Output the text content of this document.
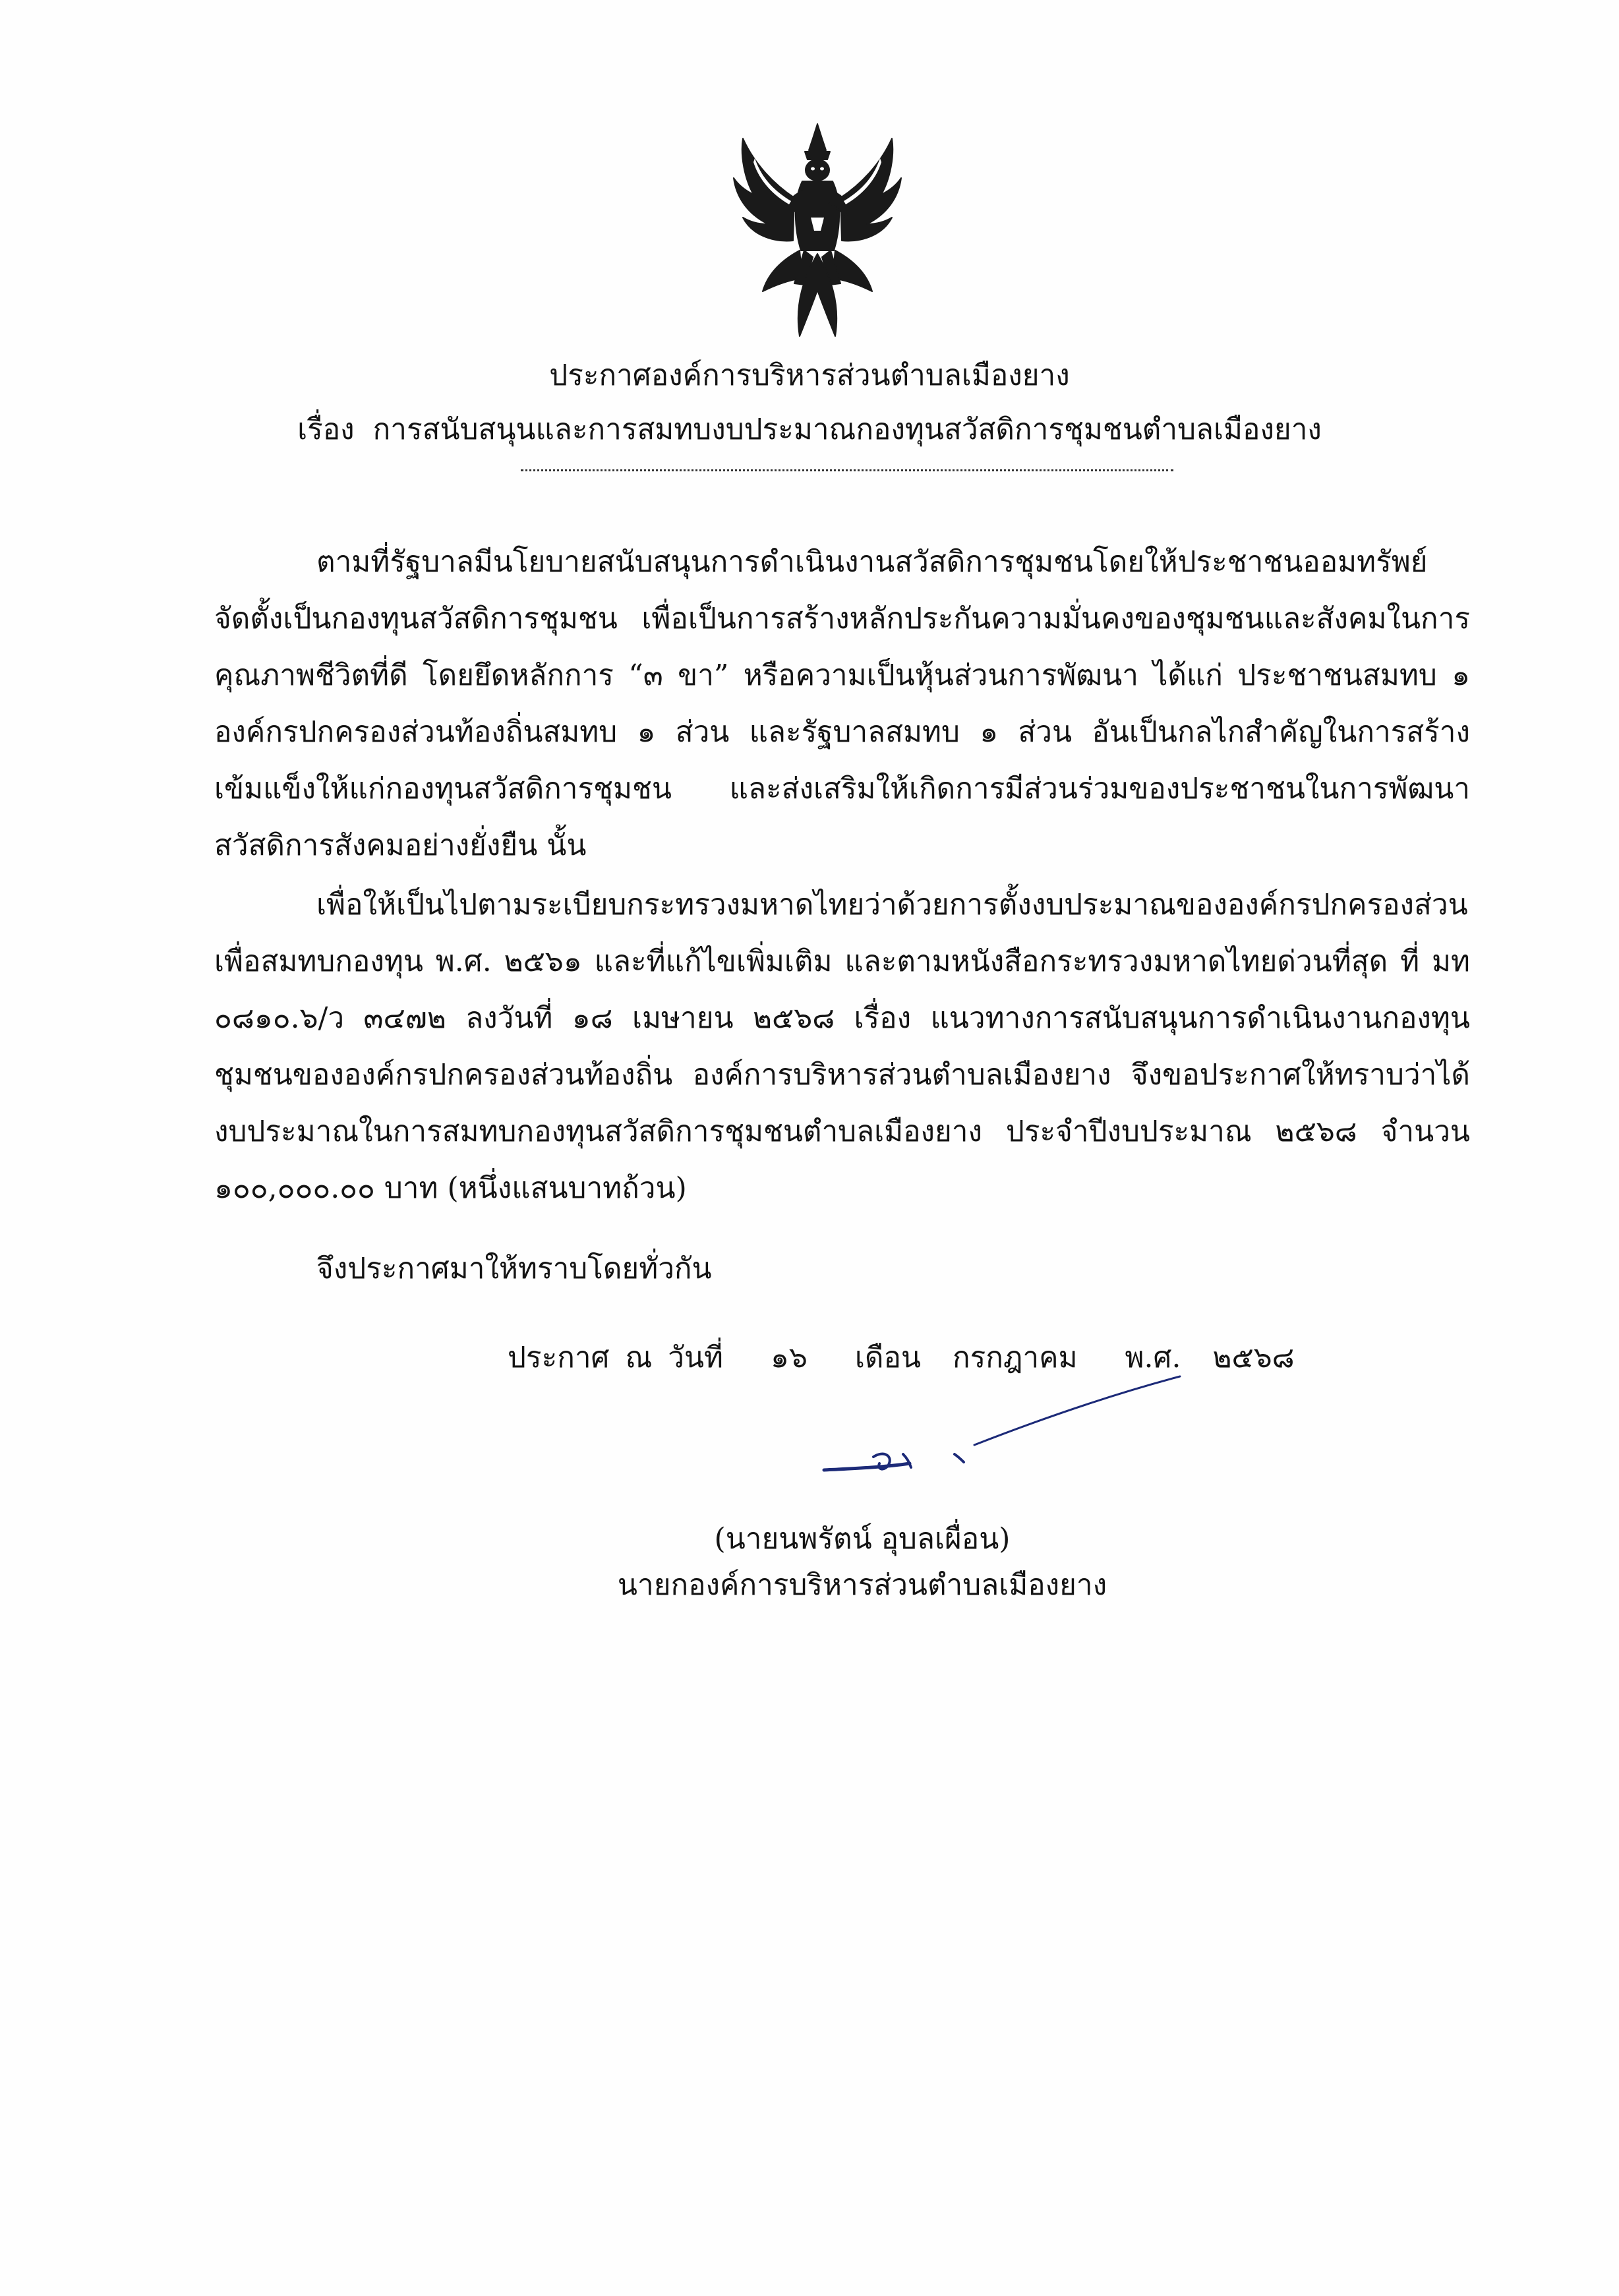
ประกาศองค์การบริหารส่วนตำบลเมืองยาง
เรื่อง การสนับสนุนและการสมทบงบประมาณกองทุนสวัสดิการชุมชนตำบลเมืองยาง
ตามที่รัฐบาลมีนโยบายสนับสนุนการดำเนินงานสวัสดิการชุมชนโดยให้ประชาชนออมทรัพย์
จัดตั้งเป็นกองทุนสวัสดิการชุมชน เพื่อเป็นการสร้างหลักประกันความมั่นคงของชุมชนและสังคมในการ
คุณภาพชีวิตที่ดี โดยยึดหลักการ “๓ ขา” หรือความเป็นหุ้นส่วนการพัฒนา ได้แก่ ประชาชนสมทบ ๑
องค์กรปกครองส่วนท้องถิ่นสมทบ ๑ ส่วน และรัฐบาลสมทบ ๑ ส่วน อันเป็นกลไกสำคัญในการสร้าง
เข้มแข็งให้แก่กองทุนสวัสดิการชุมชน และส่งเสริมให้เกิดการมีส่วนร่วมของประชาชนในการพัฒนา
สวัสดิการสังคมอย่างยั่งยืน นั้น
เพื่อให้เป็นไปตามระเบียบกระทรวงมหาดไทยว่าด้วยการตั้งงบประมาณขององค์กรปกครองส่วน
เพื่อสมทบกองทุน พ.ศ. ๒๕๖๑ และที่แก้ไขเพิ่มเติม และตามหนังสือกระทรวงมหาดไทยด่วนที่สุด ที่ มท
๐๘๑๐.๖/ว ๓๔๗๒ ลงวันที่ ๑๘ เมษายน ๒๕๖๘ เรื่อง แนวทางการสนับสนุนการดำเนินงานกองทุน
ชุมชนขององค์กรปกครองส่วนท้องถิ่น องค์การบริหารส่วนตำบลเมืองยาง จึงขอประกาศให้ทราบว่าได้
งบประมาณในการสมทบกองทุนสวัสดิการชุมชนตำบลเมืองยาง ประจำปีงบประมาณ ๒๕๖๘ จำนวน
๑๐๐,๐๐๐.๐๐ บาท (หนึ่งแสนบาทถ้วน)
จึงประกาศมาให้ทราบโดยทั่วกัน
ประกาศ ณ วันที่ ๑๖ เดือน กรกฎาคม พ.ศ. ๒๕๖๘
(นายนพรัตน์ อุบลเผื่อน)
นายกองค์การบริหารส่วนตำบลเมืองยาง
